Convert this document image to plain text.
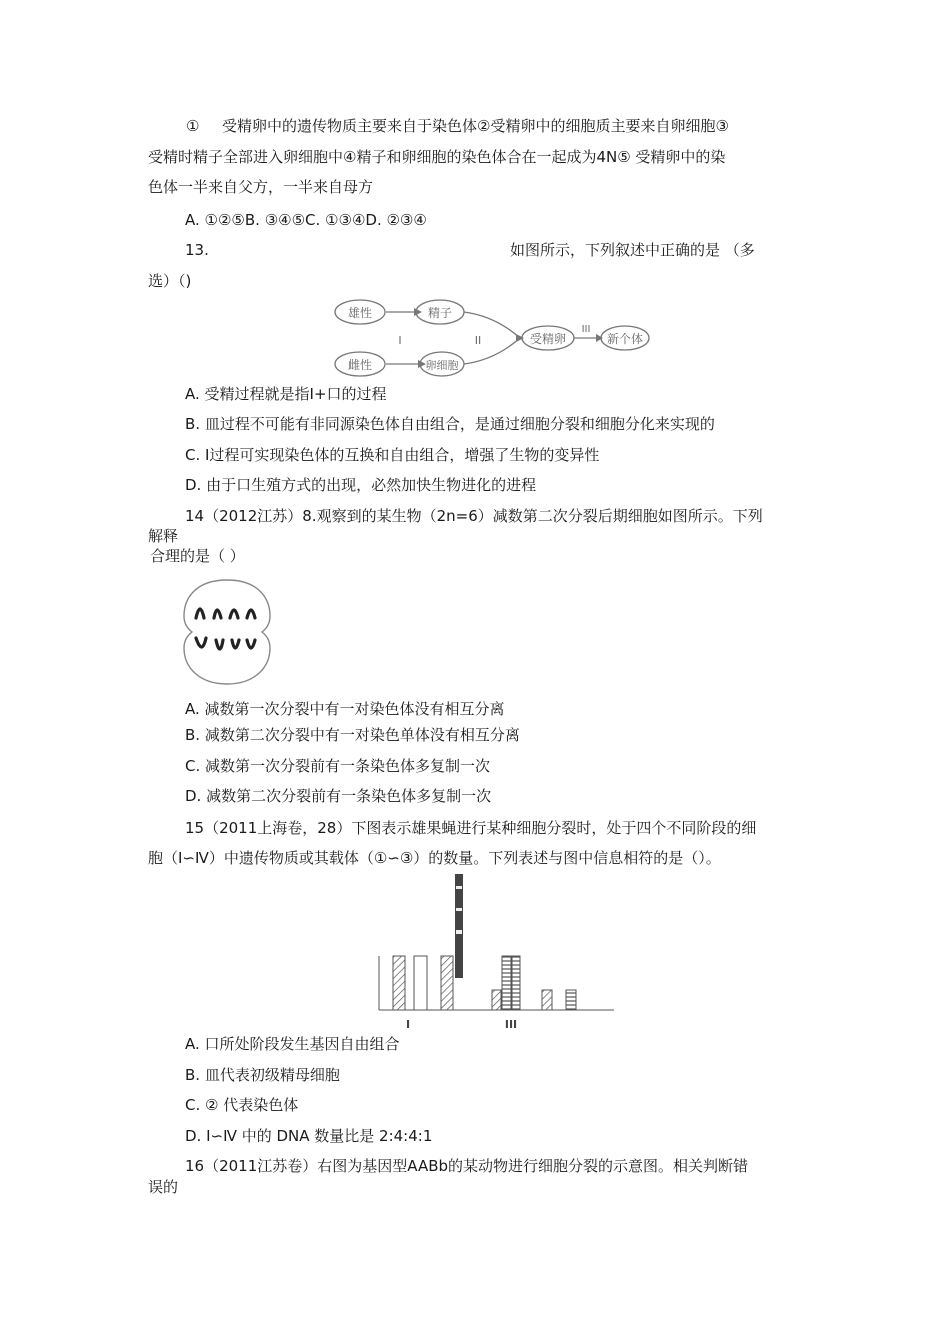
① 受精卵中的遗传物质主要来自于染色体②受精卵中的细胞质主要来自卵细胞③
受精时精子全部进入卵细胞中④精子和卵细胞的染色体合在一起成为4N⑤ 受精卵中的染
色体一半来自父方，一半来自母方
A. ①②⑤B. ③④⑤C. ①③④D. ②③④
13.	如图所示，下列叙述中正确的是 （多
选）（)
雄性
雌性
精子
卵细胞
受精卵	新个体
I	II
III
A. 受精过程就是指Ⅰ+口的过程
B. 皿过程不可能有非同源染色体自由组合，是通过细胞分裂和细胞分化来实现的
C. Ⅰ过程可实现染色体的互换和自由组合，增强了生物的变异性
D. 由于口生殖方式的出现，必然加快生物进化的进程
14（2012江苏）8.观察到的某生物（2n=6）减数第二次分裂后期细胞如图所示。下列
解释
合理的是（ ）
A. 减数第一次分裂中有一对染色体没有相互分离
B. 减数第二次分裂中有一对染色单体没有相互分离
C. 减数第一次分裂前有一条染色体多复制一次
D. 减数第二次分裂前有一条染色体多复制一次
15（2011上海卷，28）下图表示雄果蝇进行某种细胞分裂时，处于四个不同阶段的细
胞（Ⅰ∽Ⅳ）中遗传物质或其载体（①∽③）的数量。下列表述与图中信息相符的是（）。
I	III
A. 口所处阶段发生基因自由组合
B. 皿代表初级精母细胞
C. ② 代表染色体
D. Ⅰ∽Ⅳ 中的 DNA 数量比是 2:4:4:1
16（2011江苏卷）右图为基因型AABb的某动物进行细胞分裂的示意图。相关判断错
误的
